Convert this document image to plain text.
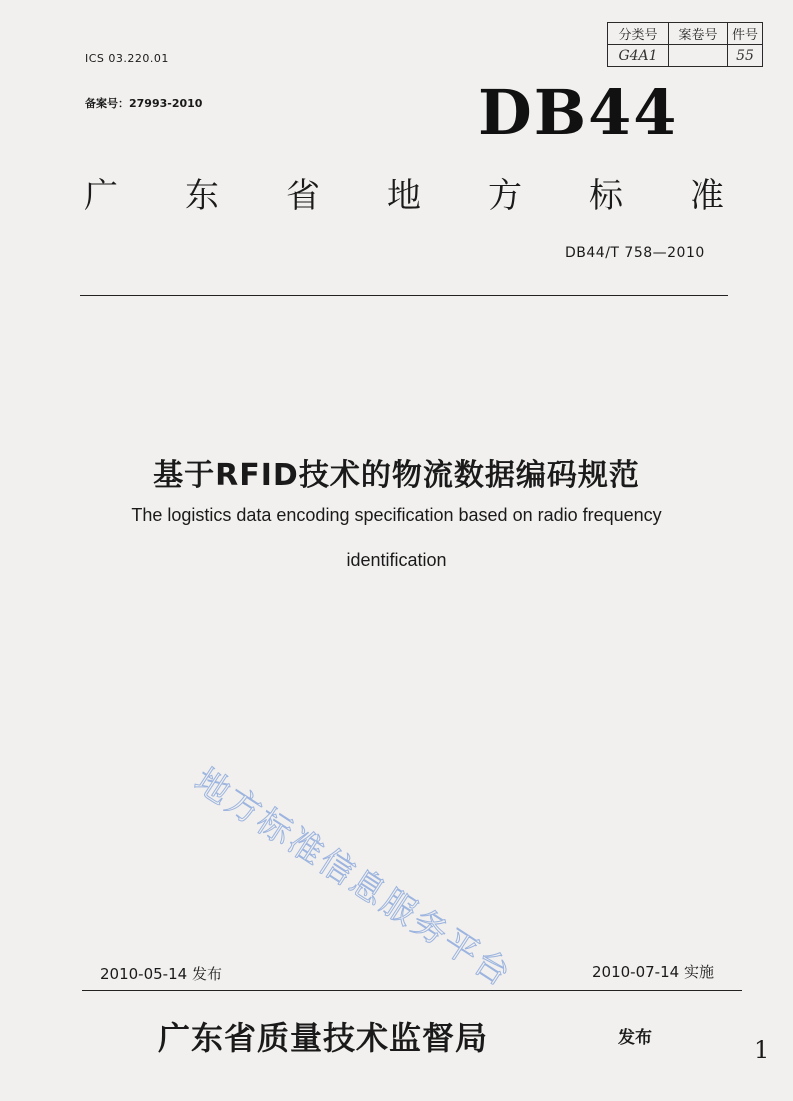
分类号	案卷号	件号
G4A1		55
ICS 03.220.01
备案号：27993-2010	DB44
广 东 省 地 方 标 准
DB44/T 758—2010
基于RFID技术的物流数据编码规范
The logistics data encoding specification based on radio frequency
identification
地方标准信息服务平台
2010-05-14 发布	2010-07-14 实施
广东省质量技术监督局	发布	1
